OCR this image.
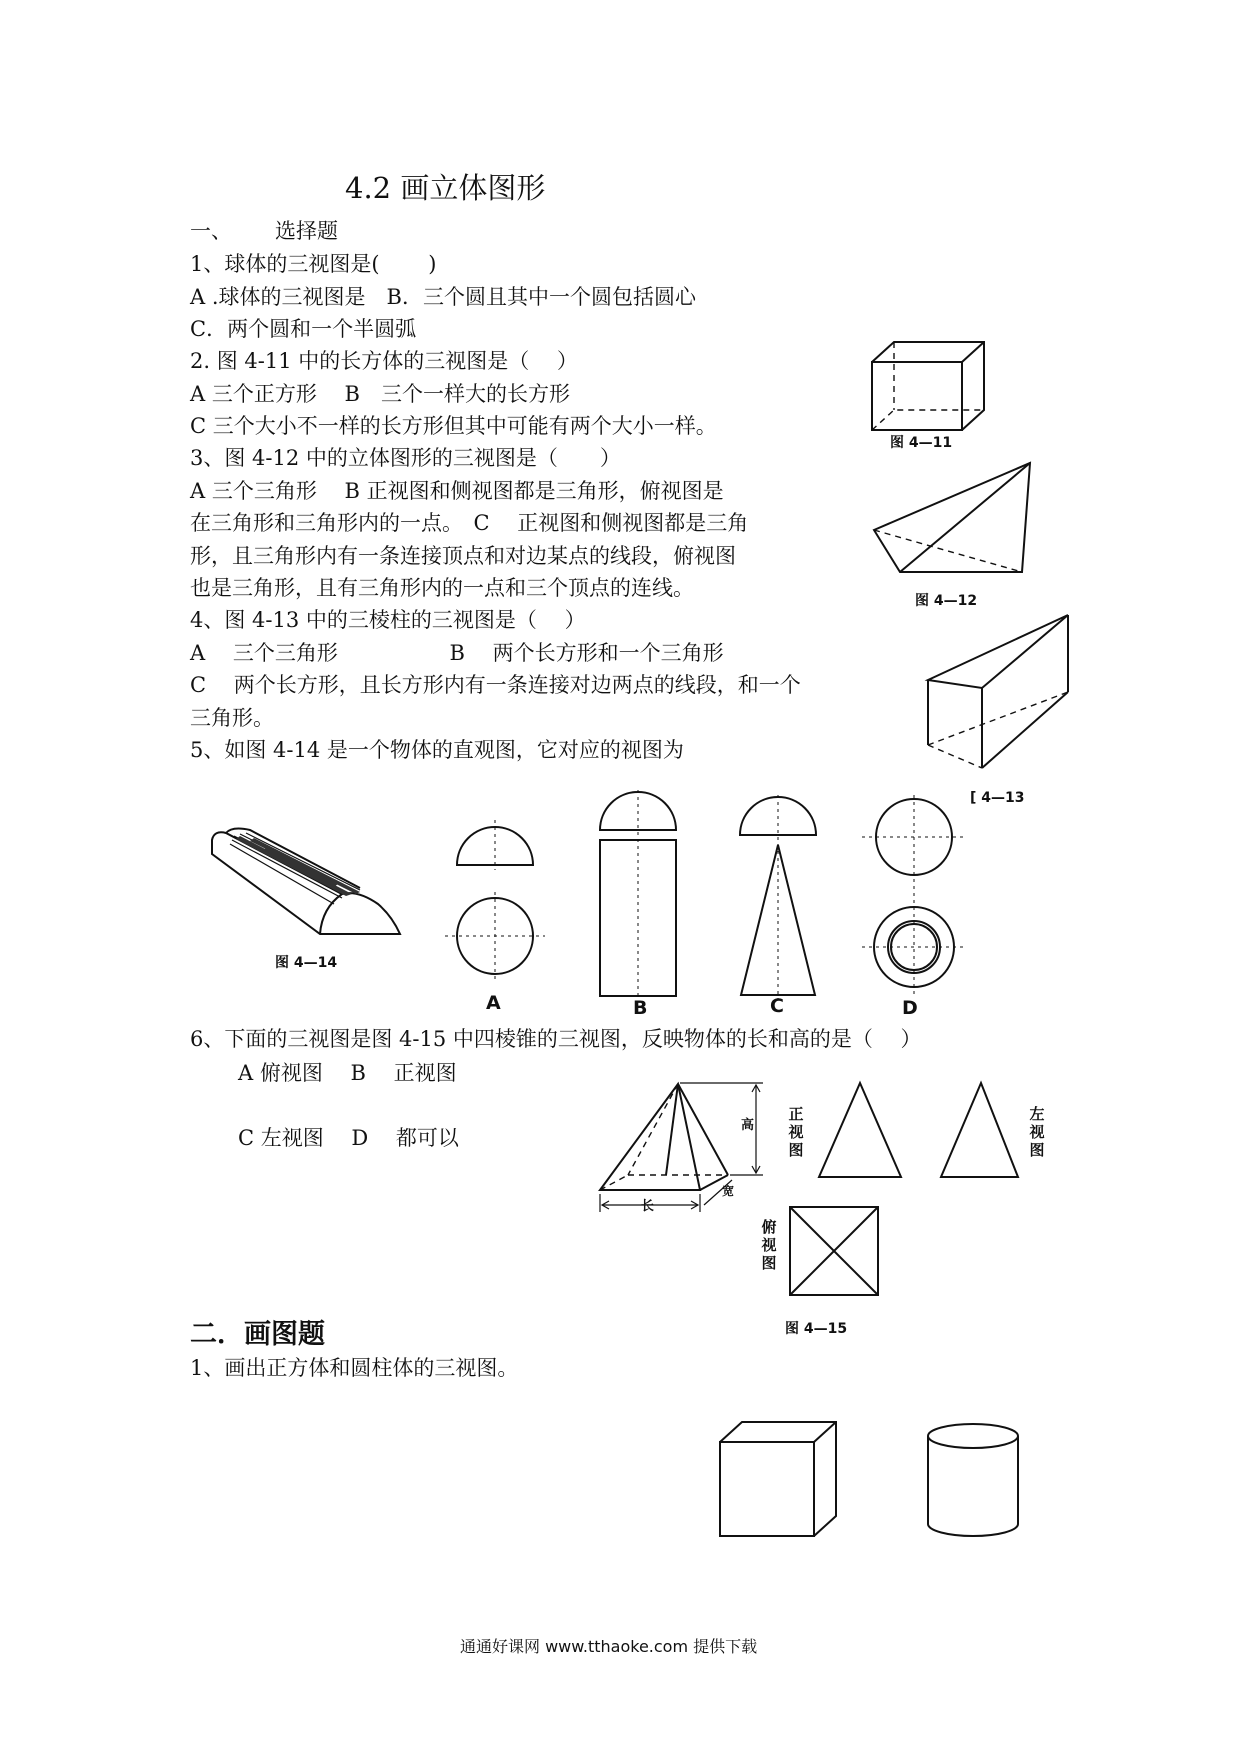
4.2 画立体图形
一、 选择题
1、球体的三视图是(　　 )
A .球体的三视图是　B．三个圆且其中一个圆包括圆心
C．两个圆和一个半圆弧
2. 图 4-11 中的长方体的三视图是（　 ）
A 三个正方形　 B　三个一样大的长方形
C 三个大小不一样的长方形但其中可能有两个大小一样。
3、图 4-12 中的立体图形的三视图是（　　）
A 三个三角形　 B 正视图和侧视图都是三角形，俯视图是
在三角形和三角形内的一点。　C　 正视图和侧视图都是三角
形，且三角形内有一条连接顶点和对边某点的线段，俯视图
也是三角形，且有三角形内的一点和三个顶点的连线。
4、图 4-13 中的三棱柱的三视图是（　 ）
A　 三个三角形　　　　　 B　 两个长方形和一个三角形
C　 两个长方形，且长方形内有一条连接对边两点的线段，和一个
三角形。
5、如图 4-14 是一个物体的直观图，它对应的视图为
6、下面的三视图是图 4-15 中四棱锥的三视图，反映物体的长和高的是（　 ）
A 俯视图　 B　 正视图
C 左视图　 D　 都可以
二．画图题
1、画出正方体和圆柱体的三视图。
图 4—11
图 4—12
[ 4—13
图 4—14
A	B	C	D
高
长
宽
正视图
左视图
俯视图
图 4—15
通通好课网 www.tthaoke.com 提供下载
